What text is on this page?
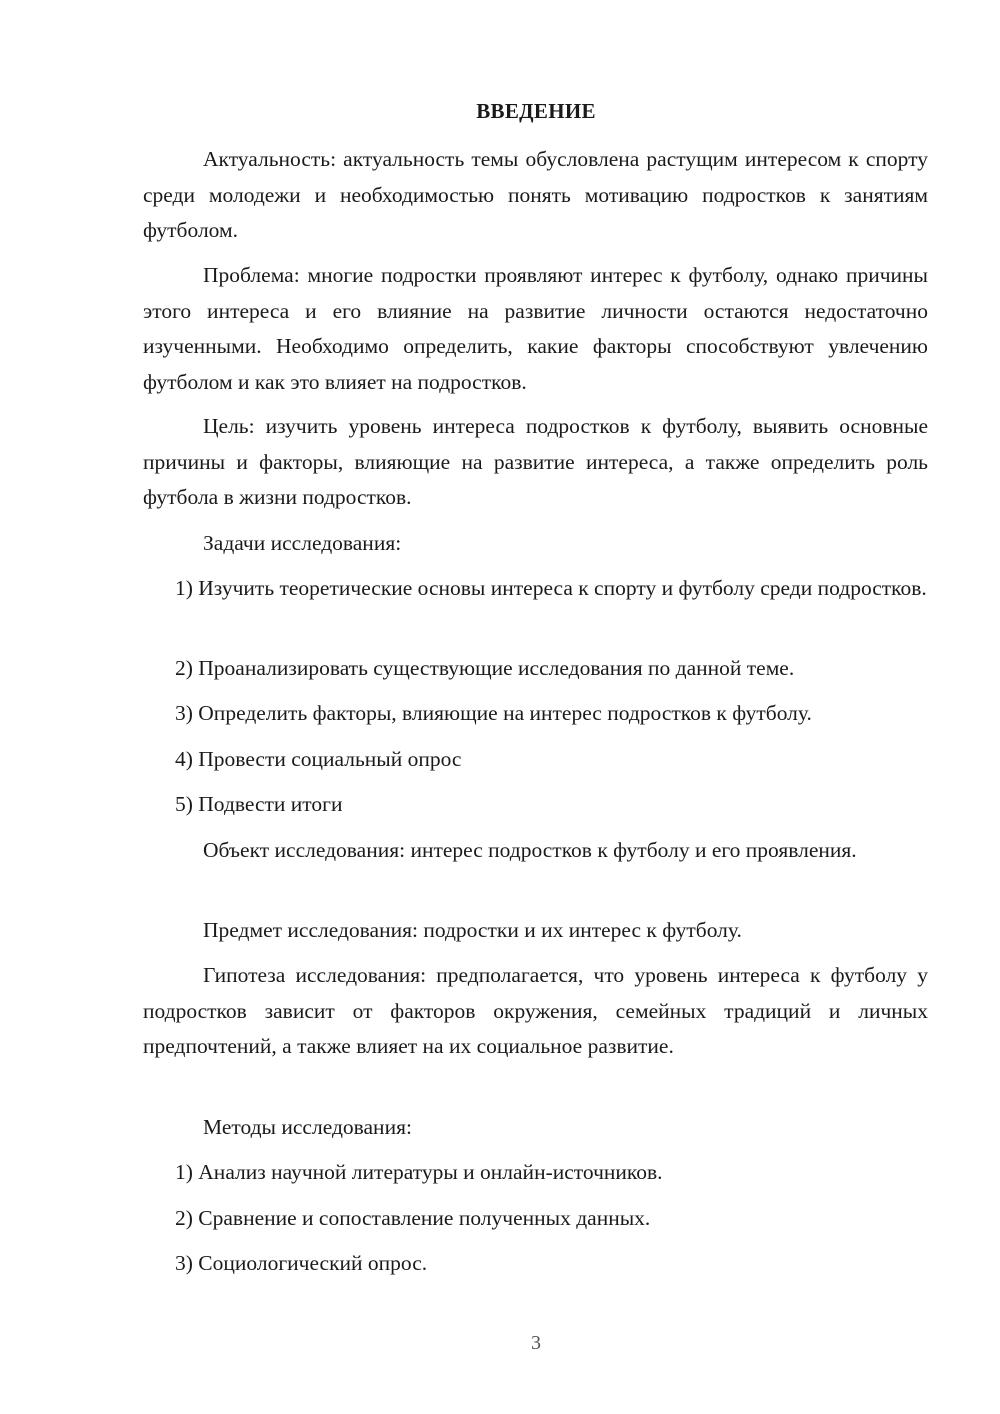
ВВЕДЕНИЕ

Актуальность: актуальность темы обусловлена растущим интересом к спорту среди молодежи и необходимостью понять мотивацию подростков к занятиям футболом.

Проблема: многие подростки проявляют интерес к футболу, однако причины этого интереса и его влияние на развитие личности остаются недостаточно изученными. Необходимо определить, какие факторы способствуют увлечению футболом и как это влияет на подростков.

Цель: изучить уровень интереса подростков к футболу, выявить основные причины и факторы, влияющие на развитие интереса, а также определить роль футбола в жизни подростков.

Задачи исследования:

1) Изучить теоретические основы интереса к спорту и футболу среди подростков.

2) Проанализировать существующие исследования по данной теме.
3) Определить факторы, влияющие на интерес подростков к футболу.
4) Провести социальный опрос
5) Подвести итоги

Объект исследования: интерес подростков к футболу и его проявления.

Предмет исследования: подростки и их интерес к футболу.

Гипотеза исследования: предполагается, что уровень интереса к футболу у подростков зависит от факторов окружения, семейных традиций и личных предпочтений, а также влияет на их социальное развитие.

Методы исследования:
1) Анализ научной литературы и онлайн-источников.
2) Сравнение и сопоставление полученных данных.
3) Социологический опрос.
3
